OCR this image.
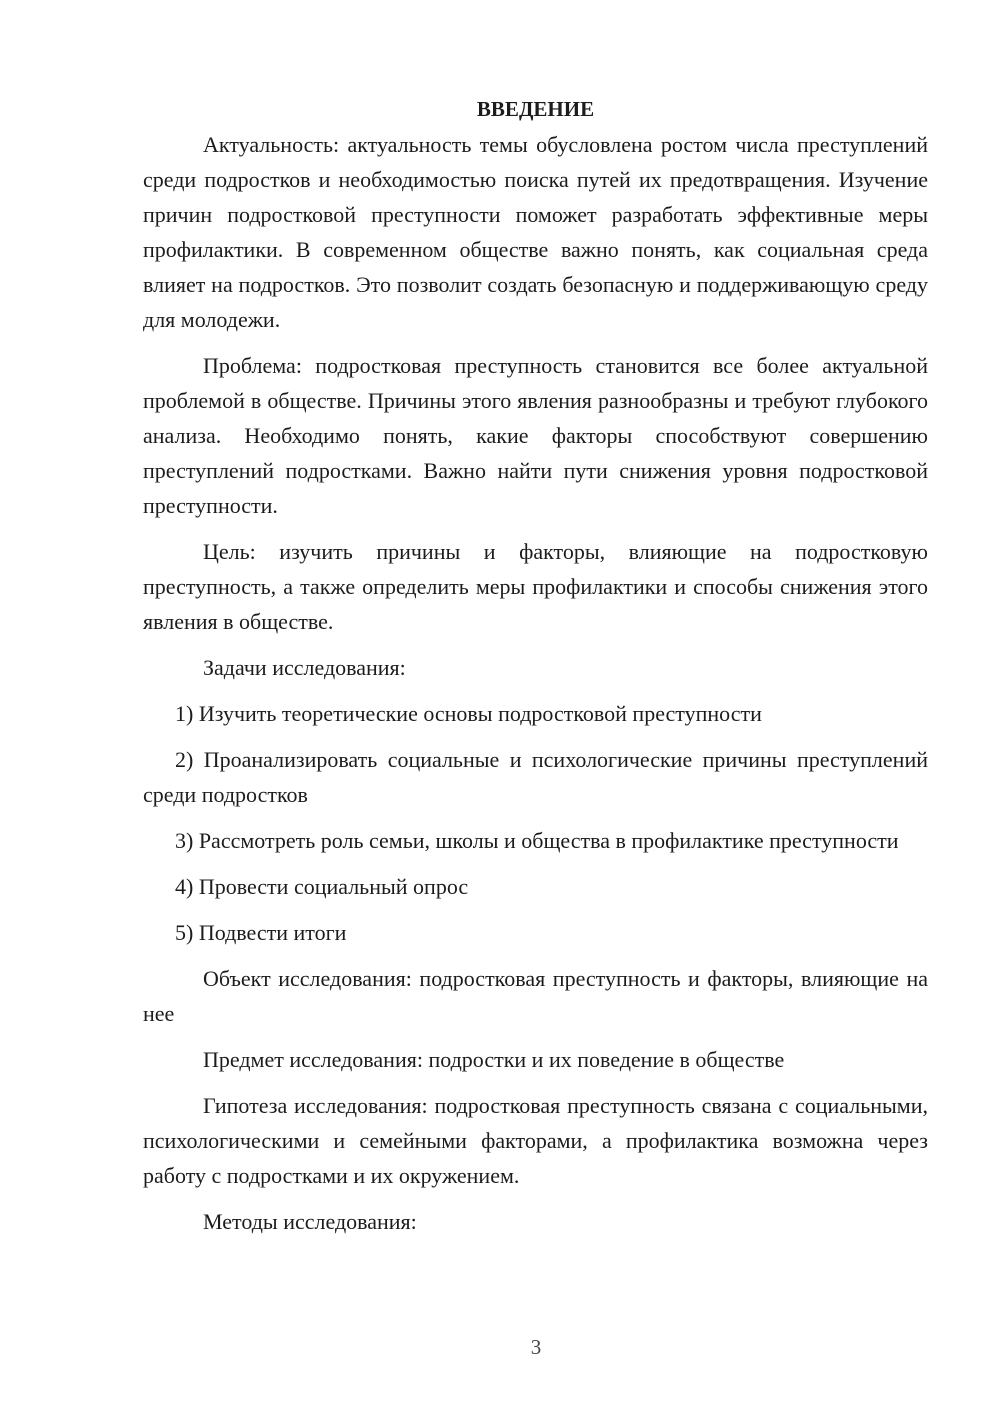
ВВЕДЕНИЕ

Актуальность: актуальность темы обусловлена ростом числа преступлений среди подростков и необходимостью поиска путей их предотвращения. Изучение причин подростковой преступности поможет разработать эффективные меры профилактики. В современном обществе важно понять, как социальная среда влияет на подростков. Это позволит создать безопасную и поддерживающую среду для молодежи.

Проблема: подростковая преступность становится все более актуальной проблемой в обществе. Причины этого явления разнообразны и требуют глубокого анализа. Необходимо понять, какие факторы способствуют совершению преступлений подростками. Важно найти пути снижения уровня подростковой преступности.

Цель: изучить причины и факторы, влияющие на подростковую преступность, а также определить меры профилактики и способы снижения этого явления в обществе.

Задачи исследования:

1) Изучить теоретические основы подростковой преступности

2) Проанализировать социальные и психологические причины преступлений среди подростков

3) Рассмотреть роль семьи, школы и общества в профилактике преступности

4) Провести социальный опрос

5) Подвести итоги

Объект исследования: подростковая преступность и факторы, влияющие на нее

Предмет исследования: подростки и их поведение в обществе

Гипотеза исследования: подростковая преступность связана с социальными, психологическими и семейными факторами, а профилактика возможна через работу с подростками и их окружением.

Методы исследования:

3
